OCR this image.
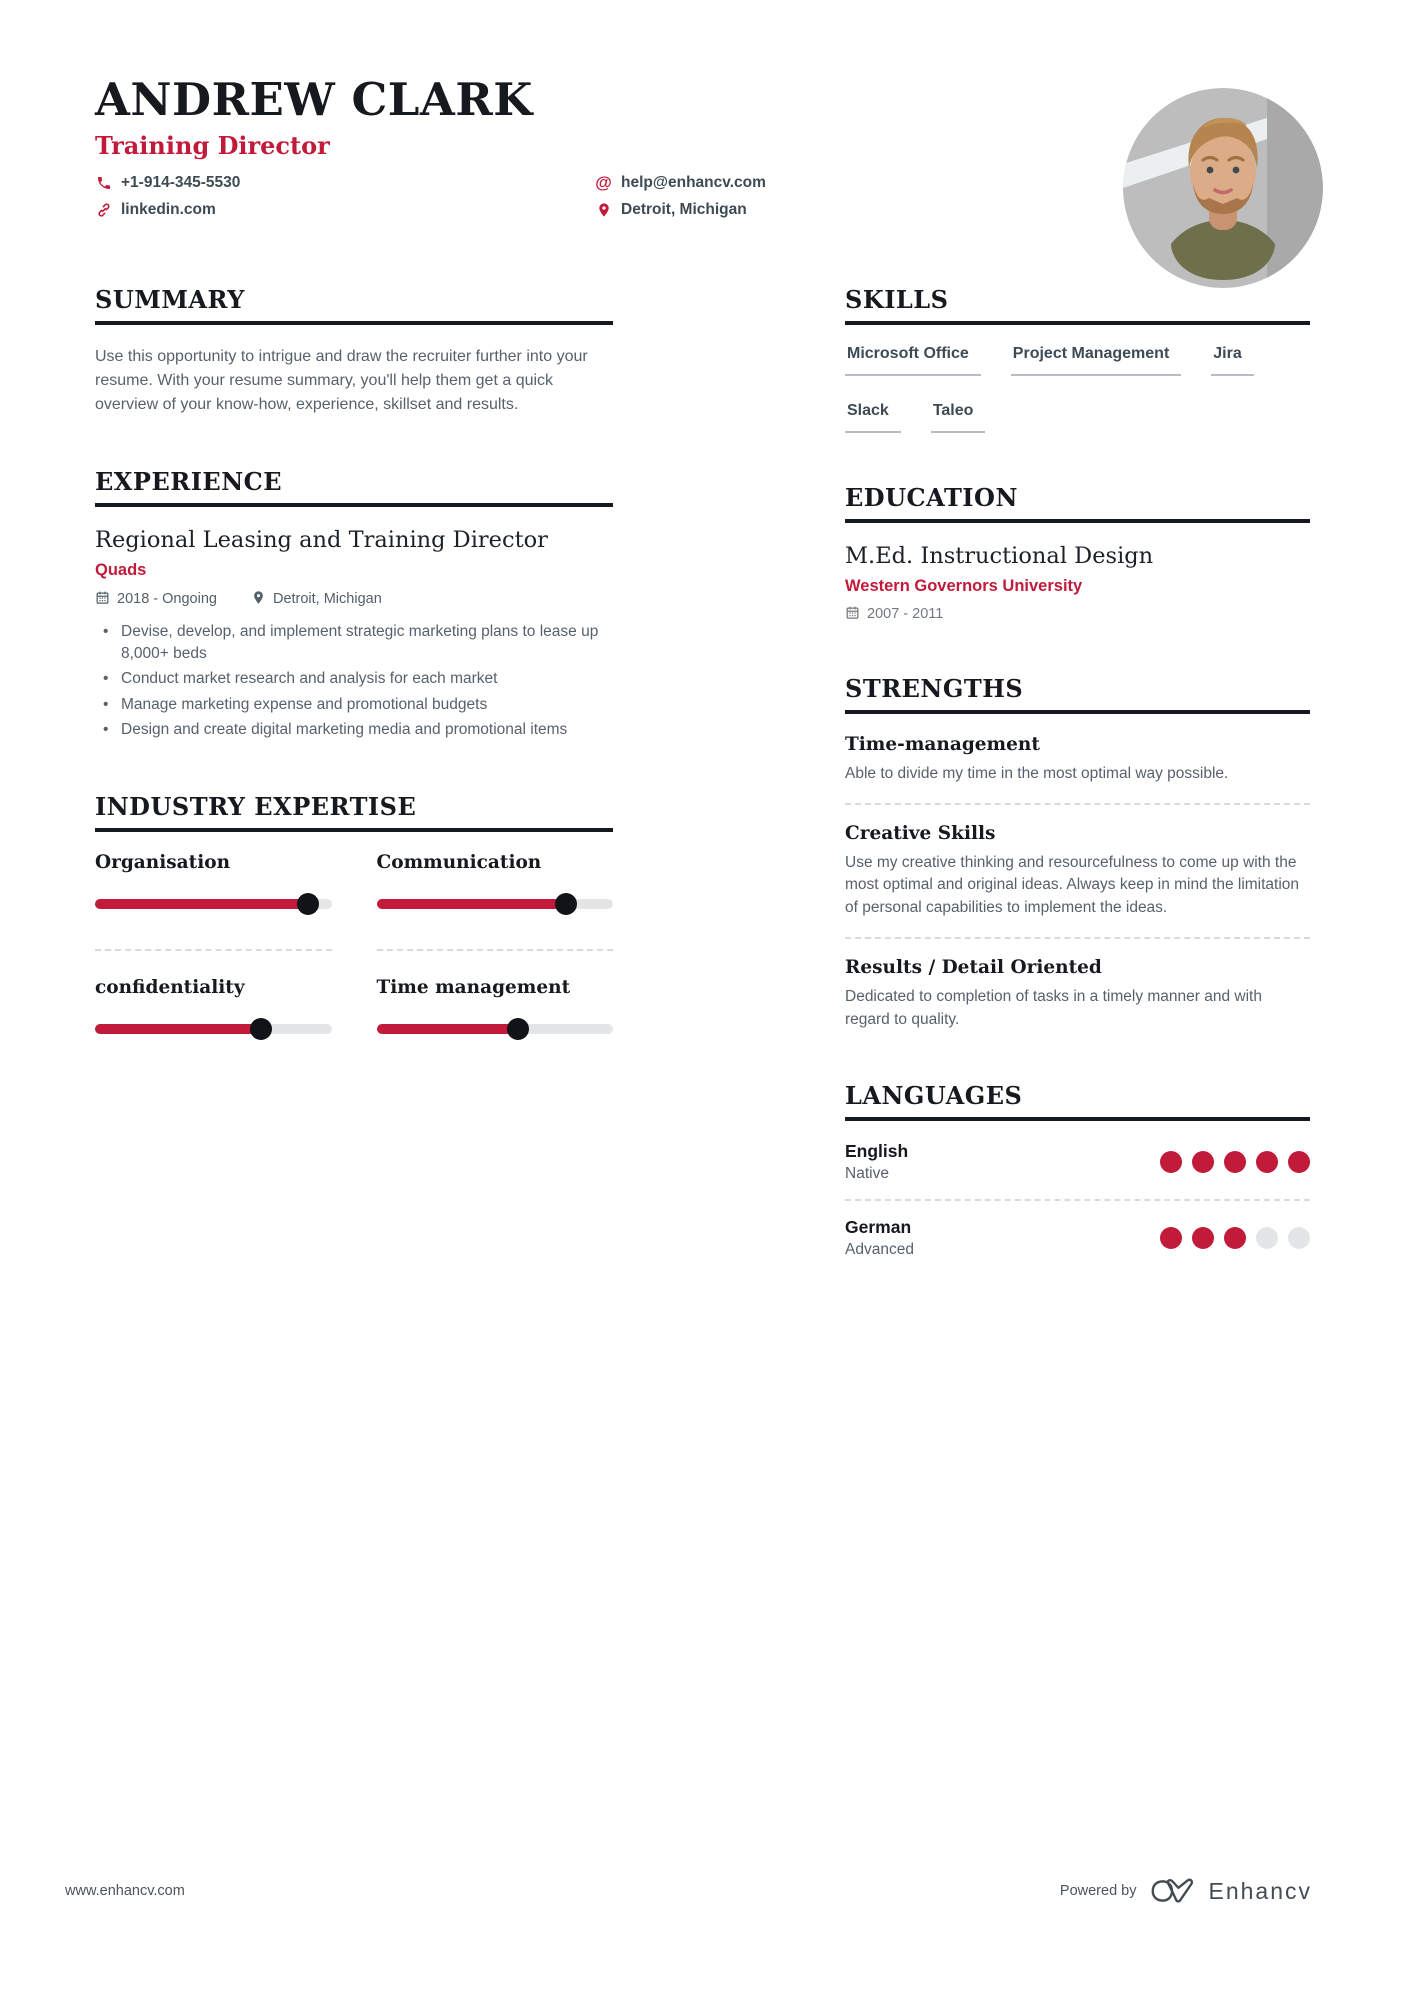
ANDREW CLARK
Training Director
+1-914-345-5530
linkedin.com
@ help@enhancv.com
Detroit, Michigan
SUMMARY

Use this opportunity to intrigue and draw the recruiter further into your resume. With your resume summary, you'll help them get a quick overview of your know-how, experience, skillset and results.

EXPERIENCE
Regional Leasing and Training Director
Quads
2018 - Ongoing	Detroit, Michigan
• Devise, develop, and implement strategic marketing plans to lease up 8,000+ beds
• Conduct market research and analysis for each market
• Manage marketing expense and promotional budgets
• Design and create digital marketing media and promotional items
INDUSTRY EXPERTISE
Organisation	Communication
confidentiality	Time management
SKILLS
Microsoft Office	Project Management	Jira
Slack	Taleo
EDUCATION
M.Ed. Instructional Design
Western Governors University
2007 - 2011
STRENGTHS
Time-management
Able to divide my time in the most optimal way possible.
Creative Skills
Use my creative thinking and resourcefulness to come up with the most optimal and original ideas. Always keep in mind the limitation of personal capabilities to implement the ideas.
Results / Detail Oriented
Dedicated to completion of tasks in a timely manner and with regard to quality.
LANGUAGES
English
Native
German
Advanced
www.enhancv.com	Powered by	Enhancv
